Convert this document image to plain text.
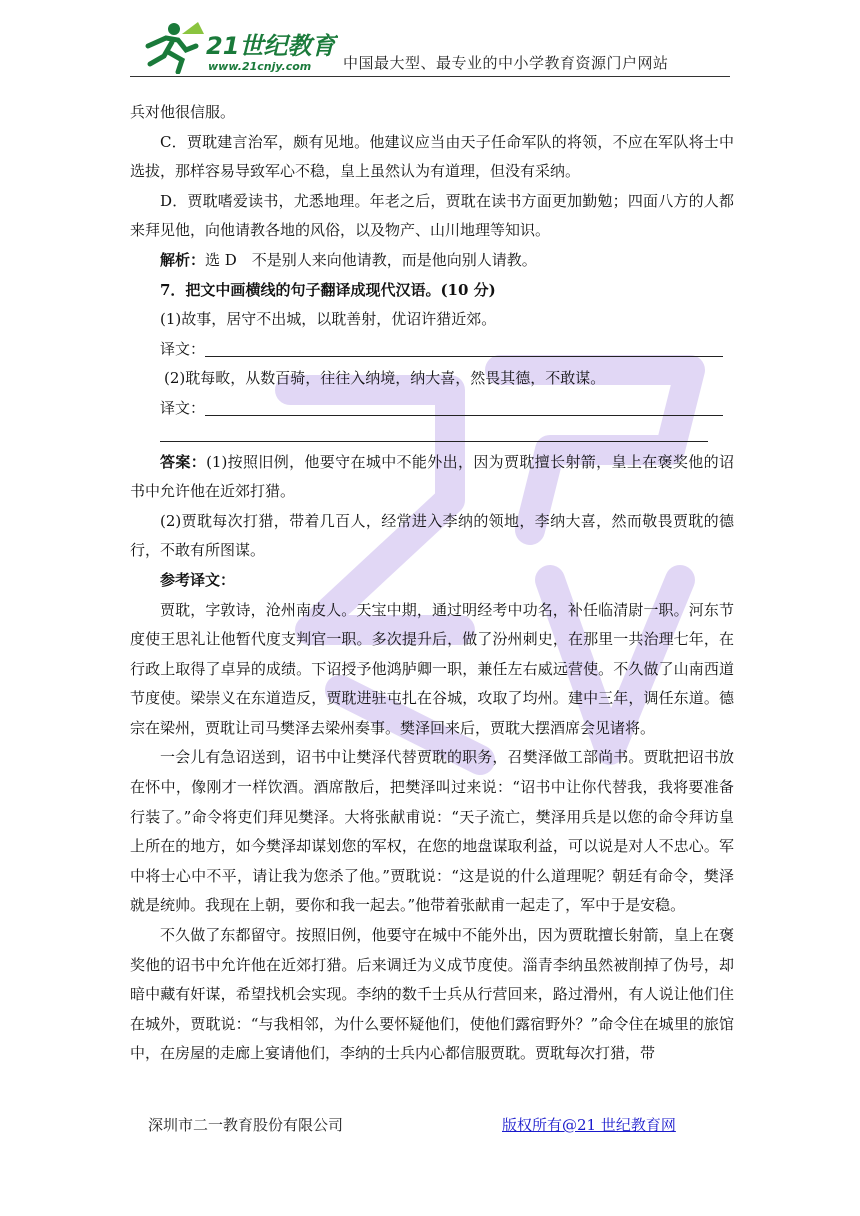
21世纪教育
www.21cnjy.com 中国最大型、最专业的中小学教育资源门户网站

兵对他很信服。

C．贾耽建言治军，颇有见地。他建议应当由天子任命军队的将领，不应在军队将士中选拔，那样容易导致军心不稳，皇上虽然认为有道理，但没有采纳。

D．贾耽嗜爱读书，尤悉地理。年老之后，贾耽在读书方面更加勤勉；四面八方的人都来拜见他，向他请教各地的风俗，以及物产、山川地理等知识。

解析：选 D　不是别人来向他请教，而是他向别人请教。

7．把文中画横线的句子翻译成现代汉语。(10 分)

(1)故事，居守不出城，以耽善射，优诏许猎近郊。

译文：

(2)耽每畋，从数百骑，往往入纳境，纳大喜，然畏其德，不敢谋。

译文：

答案：(1)按照旧例，他要守在城中不能外出，因为贾耽擅长射箭，皇上在褒奖他的诏书中允许他在近郊打猎。

(2)贾耽每次打猎，带着几百人，经常进入李纳的领地，李纳大喜，然而敬畏贾耽的德行，不敢有所图谋。

参考译文：

贾耽，字敦诗，沧州南皮人。天宝中期，通过明经考中功名，补任临清尉一职。河东节度使王思礼让他暂代度支判官一职。多次提升后，做了汾州刺史，在那里一共治理七年，在行政上取得了卓异的成绩。下诏授予他鸿胪卿一职，兼任左右威远营使。不久做了山南西道节度使。梁崇义在东道造反，贾耽进驻屯扎在谷城，攻取了均州。建中三年，调任东道。德宗在梁州，贾耽让司马樊泽去梁州奏事。樊泽回来后，贾耽大摆酒席会见诸将。

一会儿有急诏送到，诏书中让樊泽代替贾耽的职务，召樊泽做工部尚书。贾耽把诏书放在怀中，像刚才一样饮酒。酒席散后，把樊泽叫过来说：“诏书中让你代替我，我将要准备行装了。”命令将吏们拜见樊泽。大将张献甫说：“天子流亡，樊泽用兵是以您的命令拜访皇上所在的地方，如今樊泽却谋划您的军权，在您的地盘谋取利益，可以说是对人不忠心。军中将士心中不平，请让我为您杀了他。”贾耽说：“这是说的什么道理呢？朝廷有命令，樊泽就是统帅。我现在上朝，要你和我一起去。”他带着张献甫一起走了，军中于是安稳。

不久做了东都留守。按照旧例，他要守在城中不能外出，因为贾耽擅长射箭，皇上在褒奖他的诏书中允许他在近郊打猎。后来调迁为义成节度使。淄青李纳虽然被削掉了伪号，却暗中藏有奸谋，希望找机会实现。李纳的数千士兵从行营回来，路过滑州，有人说让他们住在城外，贾耽说：“与我相邻，为什么要怀疑他们，使他们露宿野外？”命令住在城里的旅馆中，在房屋的走廊上宴请他们，李纳的士兵内心都信服贾耽。贾耽每次打猎，带

深圳市二一教育股份有限公司	版权所有@21 世纪教育网
